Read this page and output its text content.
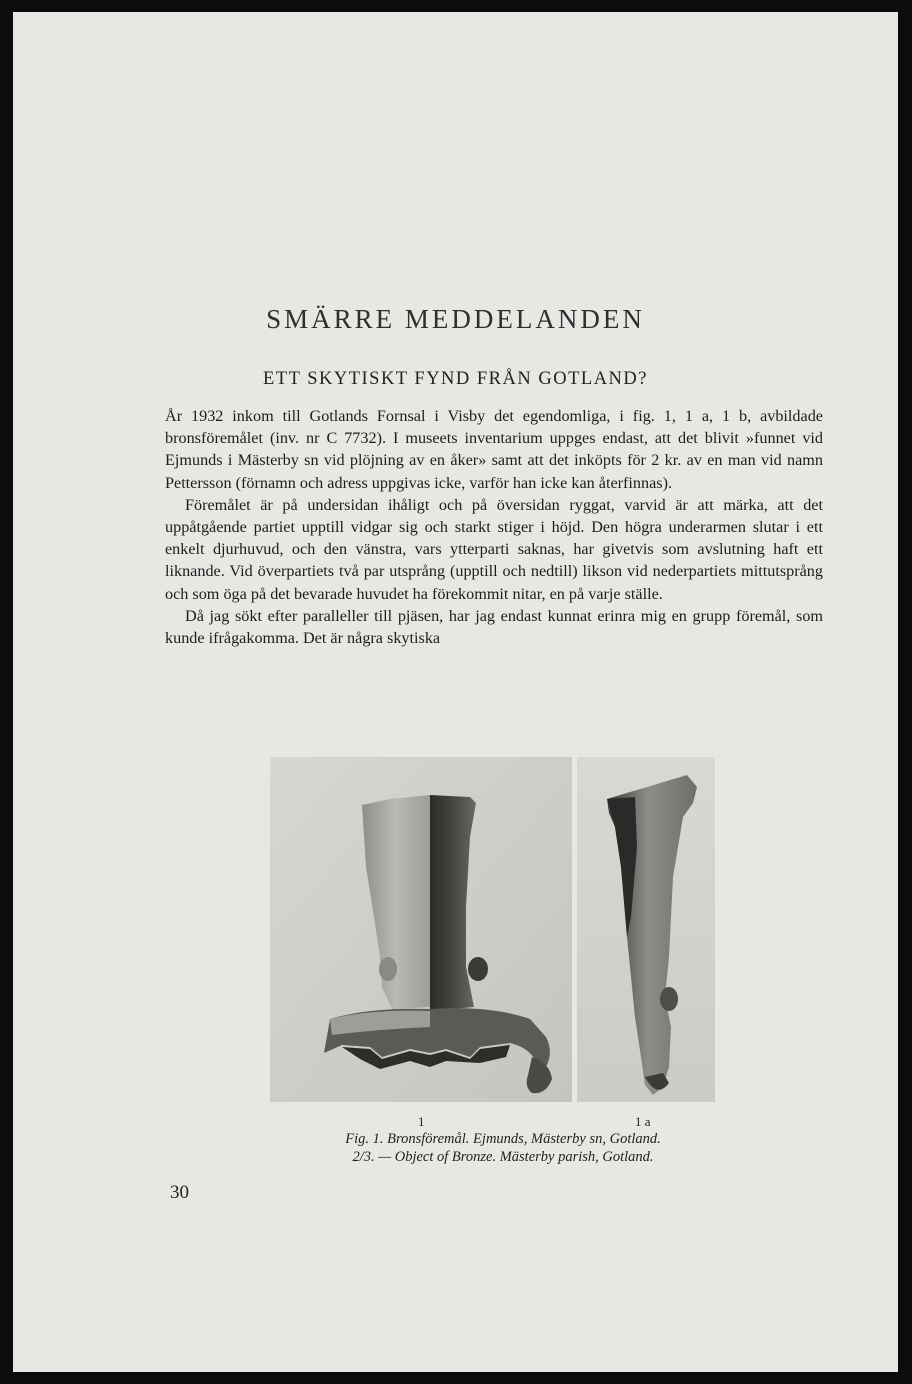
SMÄRRE MEDDELANDEN
ETT SKYTISKT FYND FRÅN GOTLAND?

År 1932 inkom till Gotlands Fornsal i Visby det egendomliga, i fig. 1, 1 a, 1 b, avbildade bronsföremålet (inv. nr C 7732). I museets inventarium uppges endast, att det blivit »funnet vid Ejmunds i Mästerby sn vid plöjning av en åker» samt att det inköpts för 2 kr. av en man vid namn Pettersson (förnamn och adress uppgivas icke, varför han icke kan återfinnas).

Föremålet är på undersidan ihåligt och på översidan ryggat, varvid är att märka, att det uppåtgående partiet upptill vidgar sig och starkt stiger i höjd. Den högra underarmen slutar i ett enkelt djurhuvud, och den vänstra, vars ytterparti saknas, har givetvis som avslutning haft ett liknande. Vid överpartiets två par utsprång (upptill och nedtill) likson vid nederpartiets mittutsprång och som öga på det bevarade huvudet ha förekommit nitar, en på varje ställe.

Då jag sökt efter paralleller till pjäsen, har jag endast kunnat erinra mig en grupp föremål, som kunde ifrågakomma. Det är några skytiska

1	1 a
Fig. 1. Bronsföremål. Ejmunds, Mästerby sn, Gotland.
2/3. — Object of Bronze. Mästerby parish, Gotland.
30
